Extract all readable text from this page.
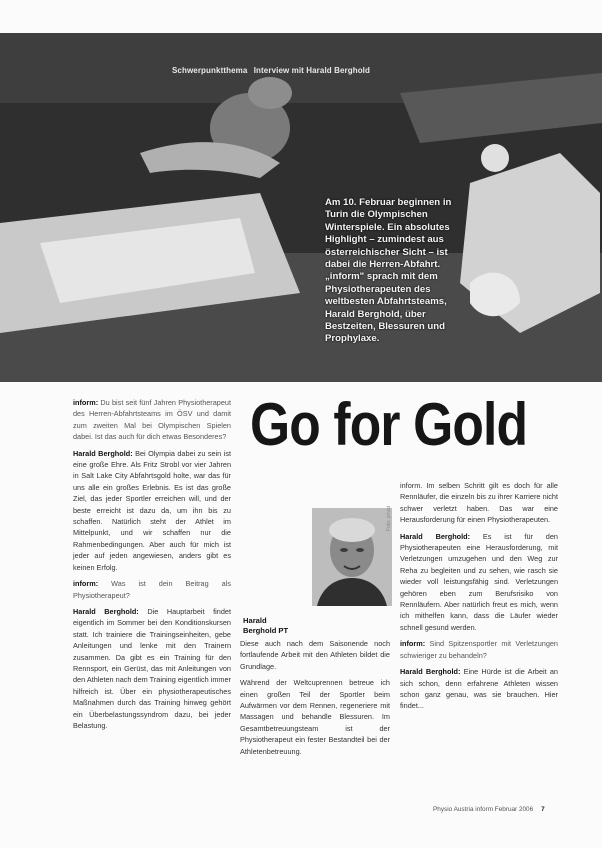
Schwerpunktthema Interview mit Harald Berghold
Am 10. Februar beginnen in Turin die Olympischen Winterspiele. Ein absolutes Highlight – zumindest aus österreichischer Sicht – ist dabei die Herren-Abfahrt. „inform" sprach mit dem Physiotherapeuten des weltbesten Abfahrtsteams, Harald Berghold, über Bestzeiten, Blessuren und Prophylaxe.
Go for Gold

inform: Du bist seit fünf Jahren Physiotherapeut des Herren-Abfahrtsteams im ÖSV und damit zum zweiten Mal bei Olympischen Spielen dabei. Ist das auch für dich etwas Besonderes?

Harald Berghold: Bei Olympia dabei zu sein ist eine große Ehre. Als Fritz Strobl vor vier Jahren in Salt Lake City Abfahrtsgold holte, war das für uns alle ein großes Erlebnis. Es ist das große Ziel, das jeder Sportler erreichen will, und der beste erreicht ist dazu da, um ihn bis zu schaffen. Natürlich steht der Athlet im Mittelpunkt, und wir schaffen nur die Rahmenbedingungen. Aber auch für mich ist jeder auf jeden angewiesen, anders gibt es keinen Erfolg.

inform: Was ist dein Beitrag als Physiotherapeut?

Harald Berghold: Die Hauptarbeit findet eigentlich im Sommer bei den Konditionskursen statt. Ich trainiere die Trainingseinheiten, gebe Anleitungen und lenke mit den Trainern zusammen. Da gibt es ein Training für den Rennsport, ein Gerüst, das mit Anleitungen von den Athleten nach dem Training eigentlich immer hilfreich ist. Über ein physiotherapeutisches Maßnahmen durch das Training hinweg gehört ein Überbelastungssyndrom dazu, bei jeder Belastung.

Foto: privat
Harald
Berghold PT

Diese auch nach dem Saisonende noch fortlaufende Arbeit mit den Athleten bildet die Grundlage.

Während der Weltcuprennen betreue ich einen großen Teil der Sportler beim Aufwärmen vor dem Rennen, regeneriere mit Massagen und behandle Blessuren. Im Gesamtbetreuungsteam ist der Physiotherapeut ein fester Bestandteil bei der Athletenbetreuung.

inform. Im selben Schritt gilt es doch für alle Rennläufer, die einzeln bis zu ihrer Karriere nicht schwer verletzt haben. Das war eine Herausforderung für einen Physiotherapeuten.

Harald Berghold: Es ist für den Physiotherapeuten eine Herausforderung, mit Verletzungen umzugehen und den Weg zur Reha zu begleiten und zu sehen, wie rasch sie wieder voll leistungsfähig sind. Verletzungen gehören eben zum Berufsrisiko von Rennläufern. Aber natürlich freut es mich, wenn ich mithelfen kann, dass die Läufer wieder schnell gesund werden.

inform: Sind Spitzensportler mit Verletzungen schwieriger zu behandeln?

Harald Berghold: Eine Hürde ist die Arbeit an sich schon, denn erfahrene Athleten wissen schon ganz genau, was sie brauchen. Hier findet...

Physio Austria inform Februar 2006 7
